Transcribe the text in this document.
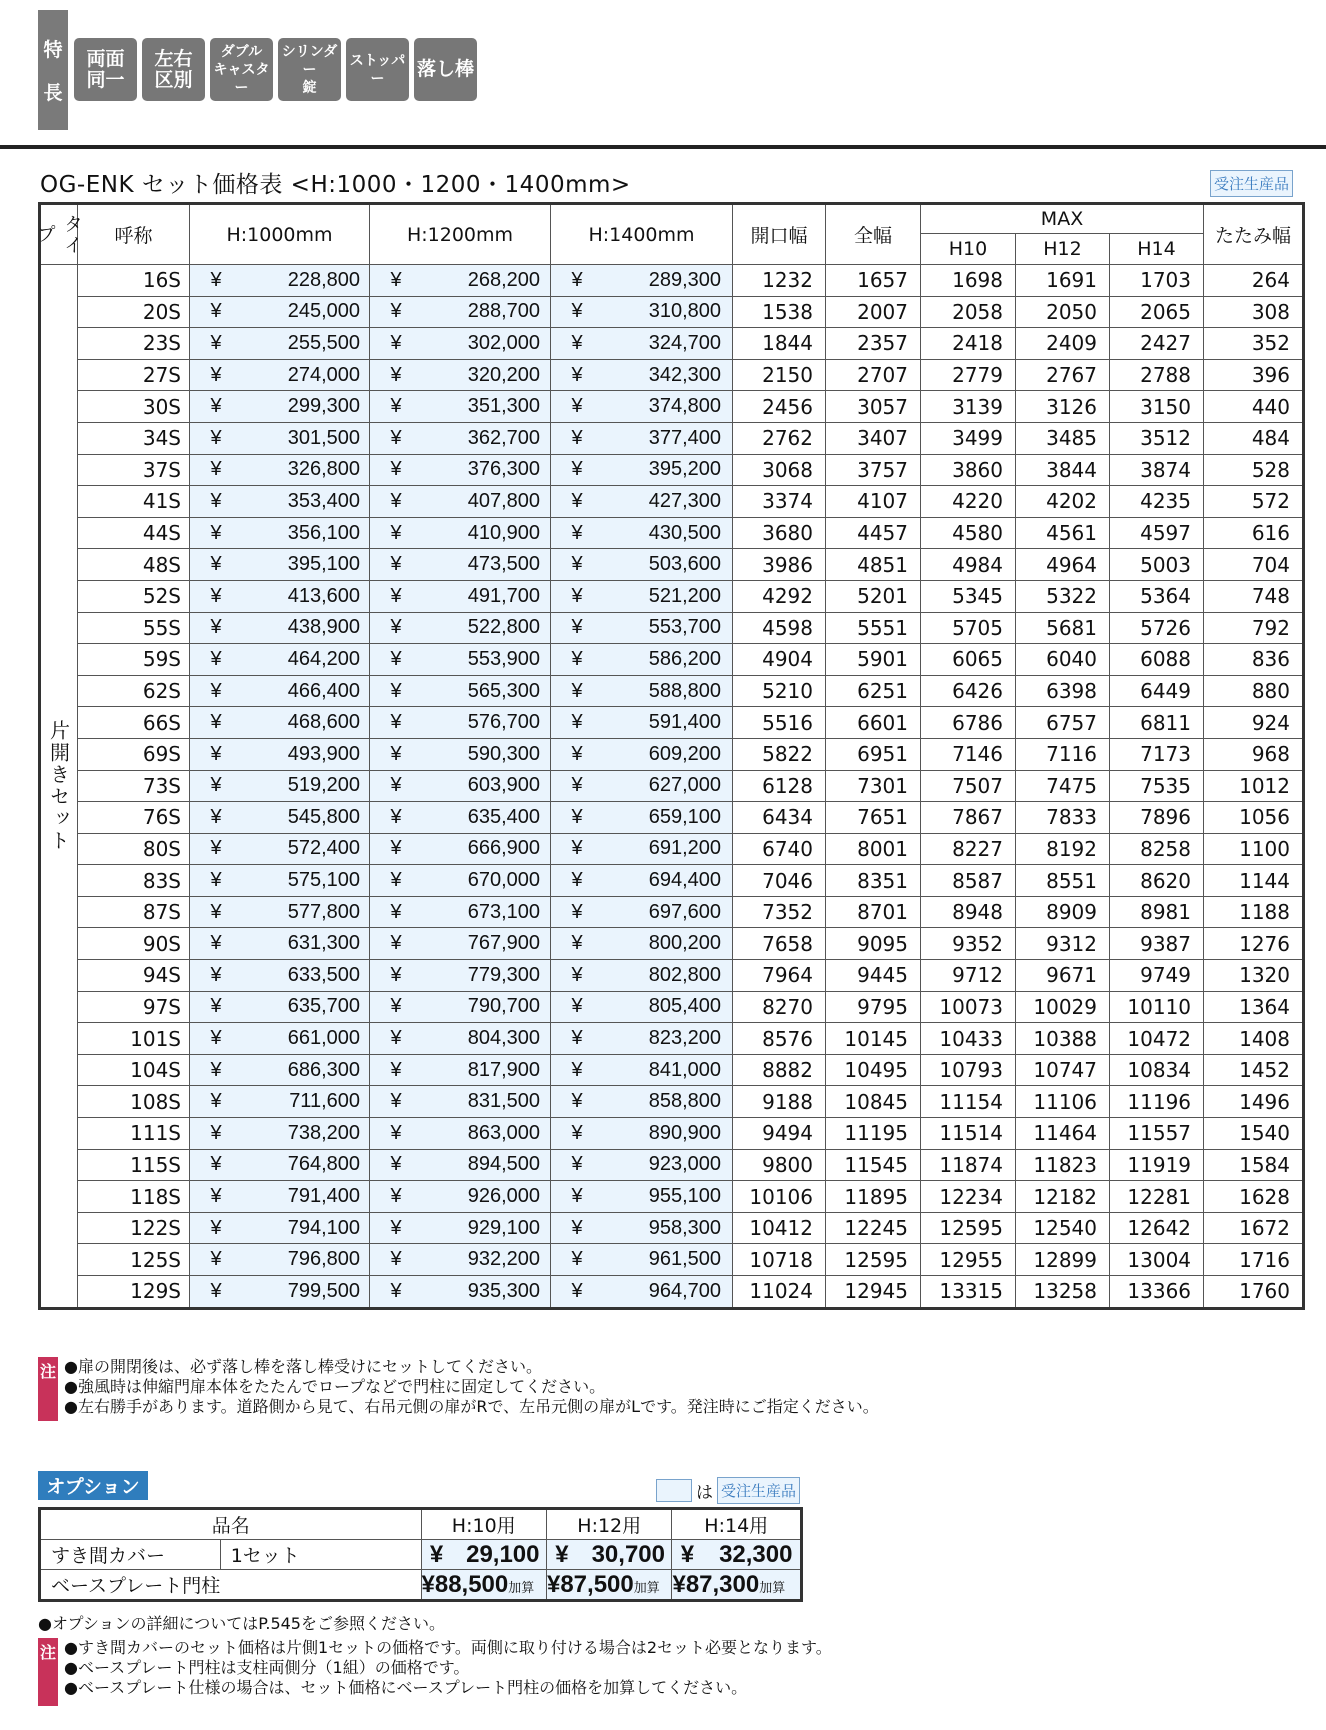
特
長
両面
同一
左右
区別
ダブル
キャスター
シリンダー
錠
ストッパー	落し棒
OG-ENK セット価格表 <H:1000・1200・1400mm>	受注生産品
タイプ	呼称	H:1000mm	H:1200mm	H:1400mm	開口幅	全幅	MAX			たたみ幅
							H10	H12	H14	
片開きセット	16S	¥ 228,800	¥ 268,200	¥ 289,300	1232	1657	1698	1691	1703	264
	20S	¥ 245,000	¥ 288,700	¥ 310,800	1538	2007	2058	2050	2065	308
	23S	¥ 255,500	¥ 302,000	¥ 324,700	1844	2357	2418	2409	2427	352
	27S	¥ 274,000	¥ 320,200	¥ 342,300	2150	2707	2779	2767	2788	396
	30S	¥ 299,300	¥ 351,300	¥ 374,800	2456	3057	3139	3126	3150	440
	34S	¥ 301,500	¥ 362,700	¥ 377,400	2762	3407	3499	3485	3512	484
	37S	¥ 326,800	¥ 376,300	¥ 395,200	3068	3757	3860	3844	3874	528
	41S	¥ 353,400	¥ 407,800	¥ 427,300	3374	4107	4220	4202	4235	572
	44S	¥ 356,100	¥ 410,900	¥ 430,500	3680	4457	4580	4561	4597	616
	48S	¥ 395,100	¥ 473,500	¥ 503,600	3986	4851	4984	4964	5003	704
	52S	¥ 413,600	¥ 491,700	¥ 521,200	4292	5201	5345	5322	5364	748
	55S	¥ 438,900	¥ 522,800	¥ 553,700	4598	5551	5705	5681	5726	792
	59S	¥ 464,200	¥ 553,900	¥ 586,200	4904	5901	6065	6040	6088	836
	62S	¥ 466,400	¥ 565,300	¥ 588,800	5210	6251	6426	6398	6449	880
	66S	¥ 468,600	¥ 576,700	¥ 591,400	5516	6601	6786	6757	6811	924
	69S	¥ 493,900	¥ 590,300	¥ 609,200	5822	6951	7146	7116	7173	968
	73S	¥ 519,200	¥ 603,900	¥ 627,000	6128	7301	7507	7475	7535	1012
	76S	¥ 545,800	¥ 635,400	¥ 659,100	6434	7651	7867	7833	7896	1056
	80S	¥ 572,400	¥ 666,900	¥ 691,200	6740	8001	8227	8192	8258	1100
	83S	¥ 575,100	¥ 670,000	¥ 694,400	7046	8351	8587	8551	8620	1144
	87S	¥ 577,800	¥ 673,100	¥ 697,600	7352	8701	8948	8909	8981	1188
	90S	¥ 631,300	¥ 767,900	¥ 800,200	7658	9095	9352	9312	9387	1276
	94S	¥ 633,500	¥ 779,300	¥ 802,800	7964	9445	9712	9671	9749	1320
	97S	¥ 635,700	¥ 790,700	¥ 805,400	8270	9795	10073	10029	10110	1364
	101S	¥ 661,000	¥ 804,300	¥ 823,200	8576	10145	10433	10388	10472	1408
	104S	¥ 686,300	¥ 817,900	¥ 841,000	8882	10495	10793	10747	10834	1452
	108S	¥ 711,600	¥ 831,500	¥ 858,800	9188	10845	11154	11106	11196	1496
	111S	¥ 738,200	¥ 863,000	¥ 890,900	9494	11195	11514	11464	11557	1540
	115S	¥ 764,800	¥ 894,500	¥ 923,000	9800	11545	11874	11823	11919	1584
	118S	¥ 791,400	¥ 926,000	¥ 955,100	10106	11895	12234	12182	12281	1628
	122S	¥ 794,100	¥ 929,100	¥ 958,300	10412	12245	12595	12540	12642	1672
	125S	¥ 796,800	¥ 932,200	¥ 961,500	10718	12595	12955	12899	13004	1716
	129S	¥ 799,500	¥ 935,300	¥ 964,700	11024	12945	13315	13258	13366	1760
注 ●扉の開閉後は、必ず落し棒を落し棒受けにセットしてください。
●強風時は伸縮門扉本体をたたんでロープなどで門柱に固定してください。
●左右勝手があります。道路側から見て、右吊元側の扉がRで、左吊元側の扉がLです。発注時にご指定ください。
オプション	は 受注生産品
品名		H:10用	H:12用	H:14用
すき間カバー	1セット	¥ 29,100	¥ 30,700	¥ 32,300
ベースプレート門柱		¥88,500加算	¥87,500加算	¥87,300加算
●オプションの詳細についてはP.545をご参照ください。
注 ●すき間カバーのセット価格は片側1セットの価格です。両側に取り付ける場合は2セット必要となります。
●ベースプレート門柱は支柱両側分（1組）の価格です。
●ベースプレート仕様の場合は、セット価格にベースプレート門柱の価格を加算してください。
